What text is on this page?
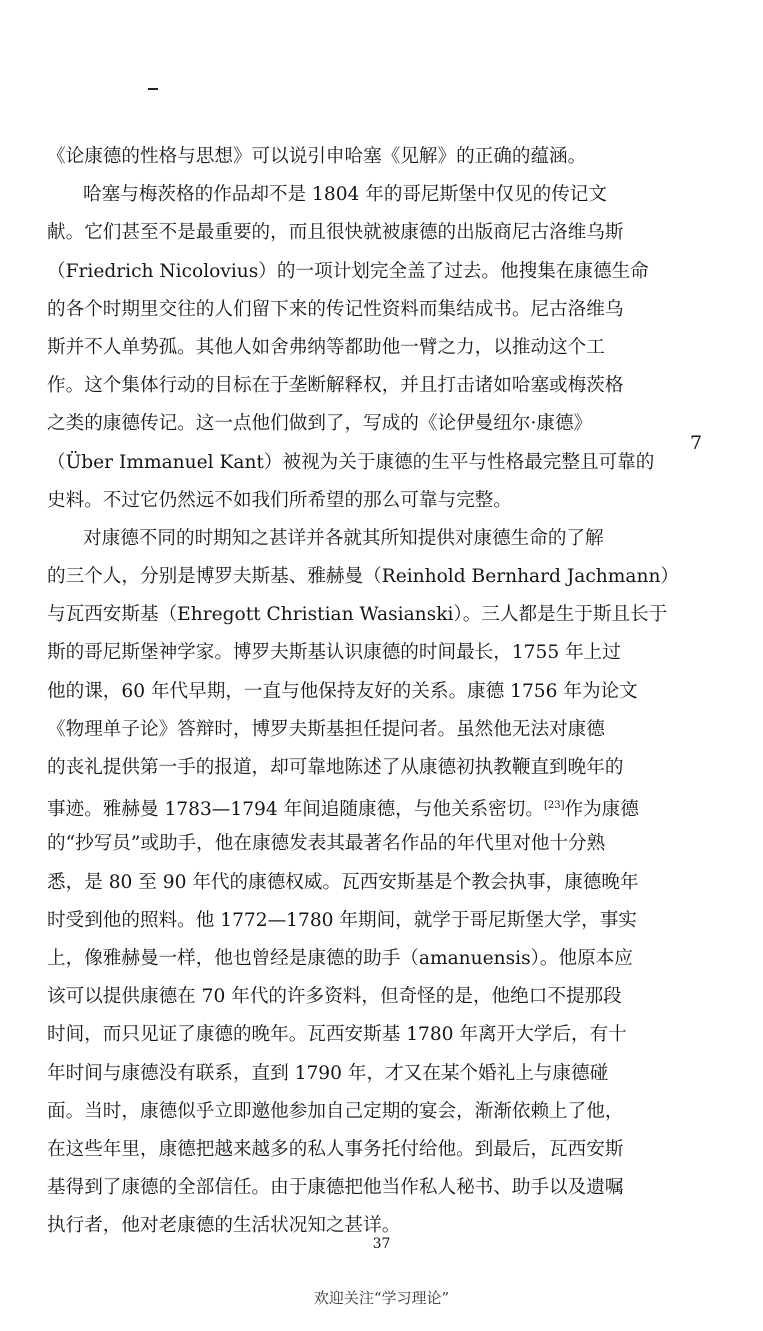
《论康德的性格与思想》可以说引申哈塞《见解》的正确的蕴涵。
哈塞与梅茨格的作品却不是 1804 年的哥尼斯堡中仅见的传记文
献。它们甚至不是最重要的，而且很快就被康德的出版商尼古洛维乌斯
（Friedrich Nicolovius）的一项计划完全盖了过去。他搜集在康德生命
的各个时期里交往的人们留下来的传记性资料而集结成书。尼古洛维乌
斯并不人单势孤。其他人如舍弗纳等都助他一臂之力，以推动这个工
作。这个集体行动的目标在于垄断解释权，并且打击诸如哈塞或梅茨格
之类的康德传记。这一点他们做到了，写成的《论伊曼纽尔·康德》
（Über Immanuel Kant）被视为关于康德的生平与性格最完整且可靠的
史料。不过它仍然远不如我们所希望的那么可靠与完整。
对康德不同的时期知之甚详并各就其所知提供对康德生命的了解
的三个人，分别是博罗夫斯基、雅赫曼（Reinhold Bernhard Jachmann）
与瓦西安斯基（Ehregott Christian Wasianski）。三人都是生于斯且长于
斯的哥尼斯堡神学家。博罗夫斯基认识康德的时间最长，1755 年上过
他的课，60 年代早期，一直与他保持友好的关系。康德 1756 年为论文
《物理单子论》答辩时，博罗夫斯基担任提问者。虽然他无法对康德
的丧礼提供第一手的报道，却可靠地陈述了从康德初执教鞭直到晚年的
事迹。雅赫曼 1783—1794 年间追随康德，与他关系密切。[23]作为康德
的“抄写员”或助手，他在康德发表其最著名作品的年代里对他十分熟
悉，是 80 至 90 年代的康德权威。瓦西安斯基是个教会执事，康德晚年
时受到他的照料。他 1772—1780 年期间，就学于哥尼斯堡大学，事实
上，像雅赫曼一样，他也曾经是康德的助手（amanuensis）。他原本应
该可以提供康德在 70 年代的许多资料，但奇怪的是，他绝口不提那段
时间，而只见证了康德的晚年。瓦西安斯基 1780 年离开大学后，有十
年时间与康德没有联系，直到 1790 年，才又在某个婚礼上与康德碰
面。当时，康德似乎立即邀他参加自己定期的宴会，渐渐依赖上了他，
在这些年里，康德把越来越多的私人事务托付给他。到最后，瓦西安斯
基得到了康德的全部信任。由于康德把他当作私人秘书、助手以及遗嘱
执行者，他对老康德的生活状况知之甚详。
7
37
欢迎关注“学习理论”
